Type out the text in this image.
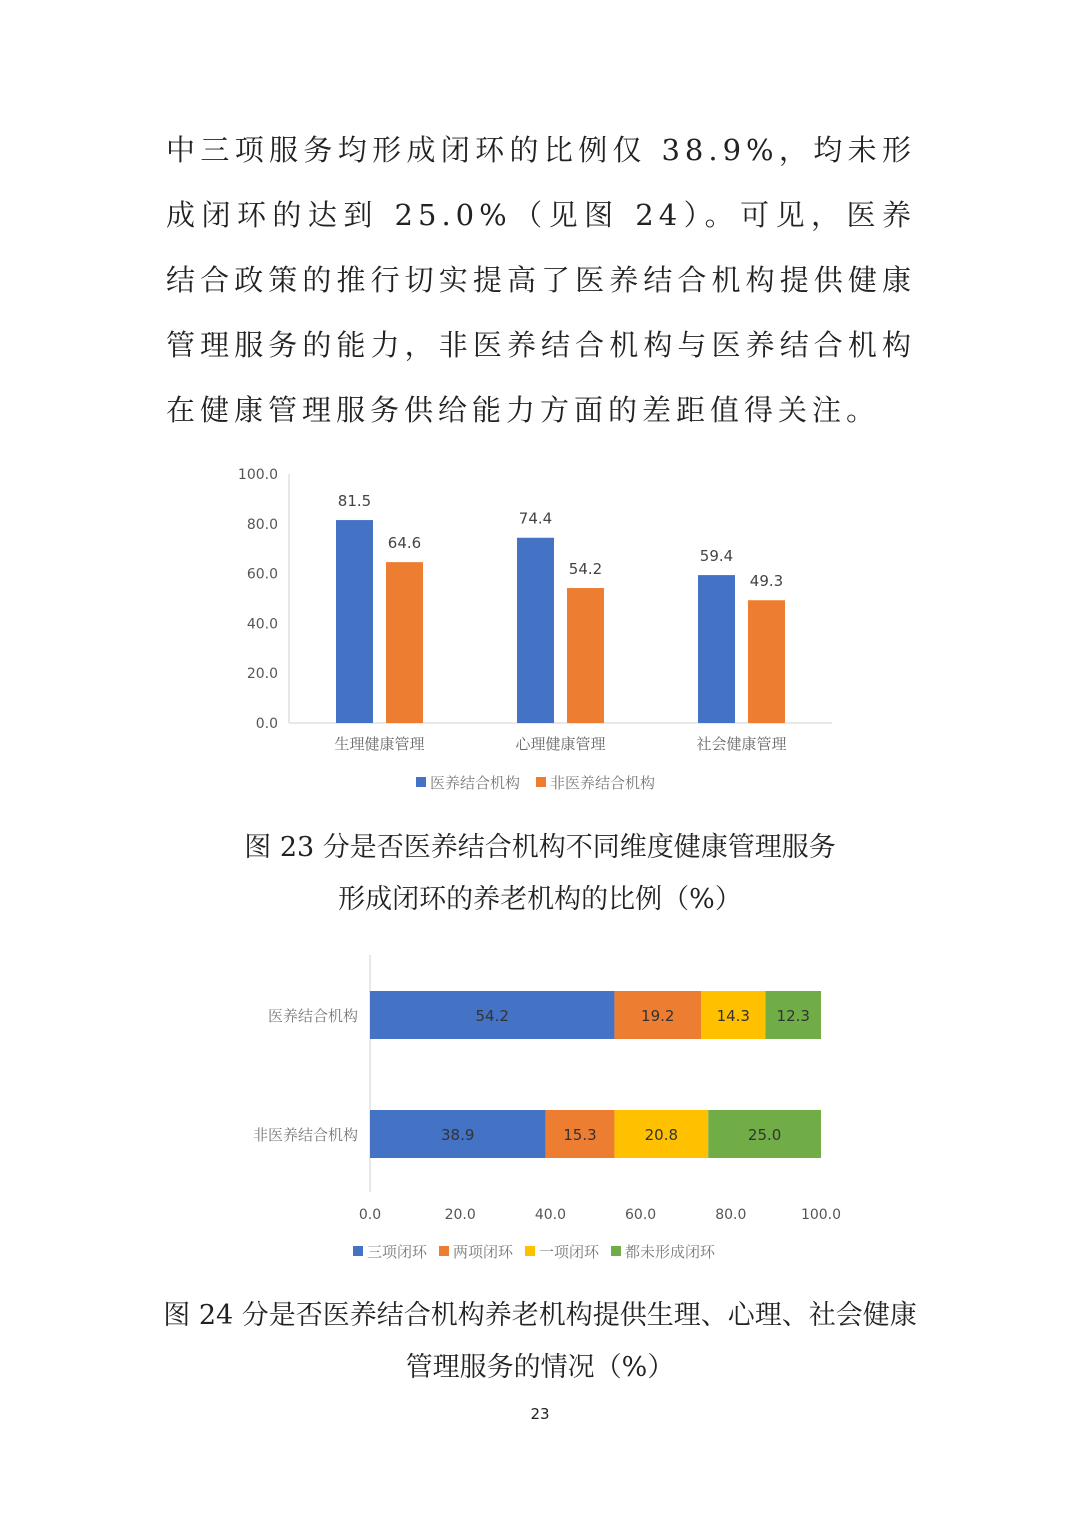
中三项服务均形成闭环的比例仅 38.9%，均未形成闭环的达到 25.0%（见图 24）。可见，医养结合政策的推行切实提高了医养结合机构提供健康管理服务的能力，非医养结合机构与医养结合机构在健康管理服务供给能力方面的差距值得关注。

0.0
20.0
40.0
60.0
80.0
100.0
81.5
64.6
生理健康管理
74.4
54.2
心理健康管理
59.4
49.3
社会健康管理
医养结合机构 非医养结合机构
54.2	19.2	14.3 12.3
医养结合机构
38.9	15.3	20.8	25.0
非医养结合机构
0.0	20.0	40.0	60.0	80.0	100.0
三项闭环 两项闭环 一项闭环 都未形成闭环
图 23 分是否医养结合机构不同维度健康管理服务
形成闭环的养老机构的比例（%）
图 24 分是否医养结合机构养老机构提供生理、心理、社会健康
管理服务的情况（%）
23
